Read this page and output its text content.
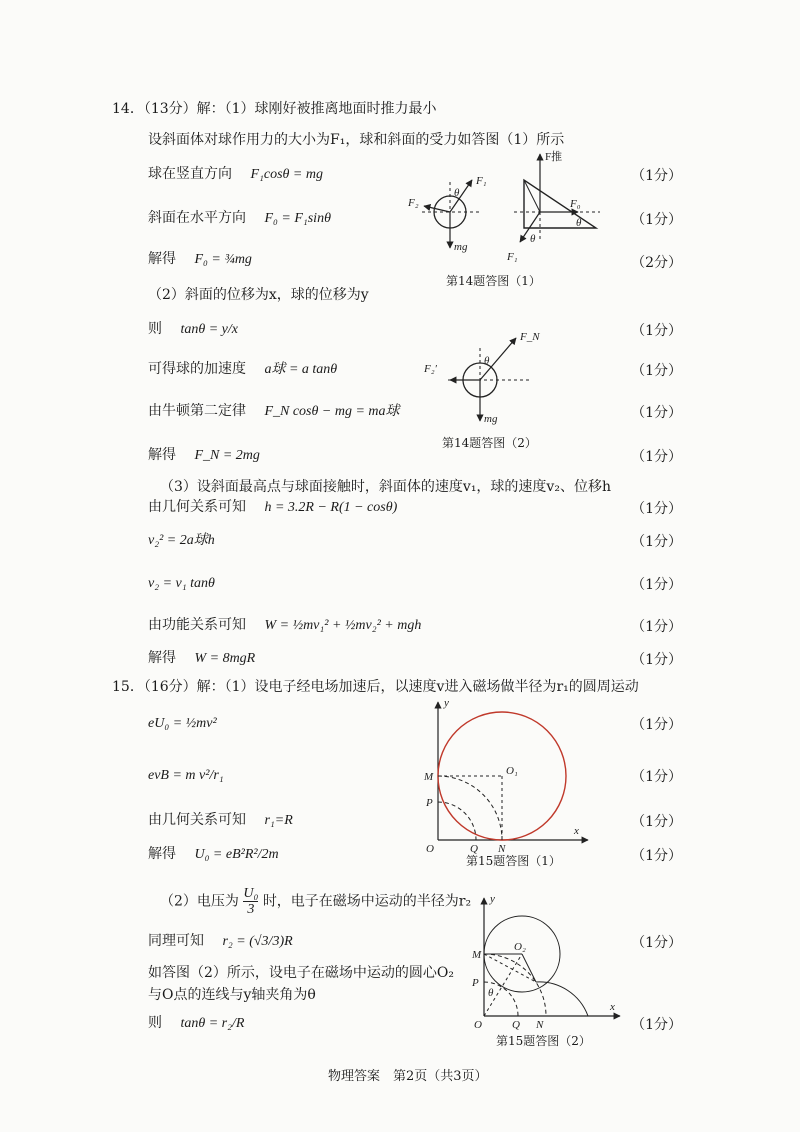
14．（13分）解：（1）球刚好被推离地面时推力最小
设斜面体对球作用力的大小为F₁，球和斜面的受力如答图（1）所示
球在竖直方向　 F₁cosθ = mg
斜面在水平方向　 F₀ = F₁sinθ
解得　 F₀ = ¾mg
（2）斜面的位移为x，球的位移为y
则　 tanθ = y/x
可得球的加速度　 a球 = a tanθ
由牛顿第二定律　 F_N cosθ − mg = ma球
解得　 F_N = 2mg
（3）设斜面最高点与球面接触时，斜面体的速度v₁，球的速度v₂、位移h
由几何关系可知　 h = 3.2R − R(1 − cosθ)
v₂² = 2a球h
v₂ = v₁ tanθ
由功能关系可知　 W = ½mv₁² + ½mv₂² + mgh
解得　 W = 8mgR
（1分）
（1分）
（2分）
（1分）
（1分）
（1分）
（1分）
（1分）
（1分）
（1分）
（1分）
（1分）
（1分）
（1分）
（1分）
（1分）
（1分）
（1分）
F₁
F₂
mg
θ
F推
F₀
F₁
θ
θ
第14题答图（1）
F_N
F₂′
mg
θ
第14题答图（2）
15．（16分）解：（1）设电子经电场加速后，以速度v进入磁场做半径为r₁的圆周运动
eU₀ = ½mv²
evB = m v²/r₁
由几何关系可知　 r₁=R
解得　 U₀ = eB²R²/2m
（2）电压为 $\frac{\text{U₀}}{3}$ 时，电子在磁场中运动的半径为r₂
同理可知　 r₂ = (√3/3)R
如答图（2）所示，设电子在磁场中运动的圆心O₂
与O点的连线与y轴夹角为θ
则　 tanθ = r₂/R
y
x
O
M
P
Q N
O₁
第15题答图（1）
y
x
O
M
P
Q N
O₂
θ
第15题答图（2）
物理答案　第2页（共3页）
